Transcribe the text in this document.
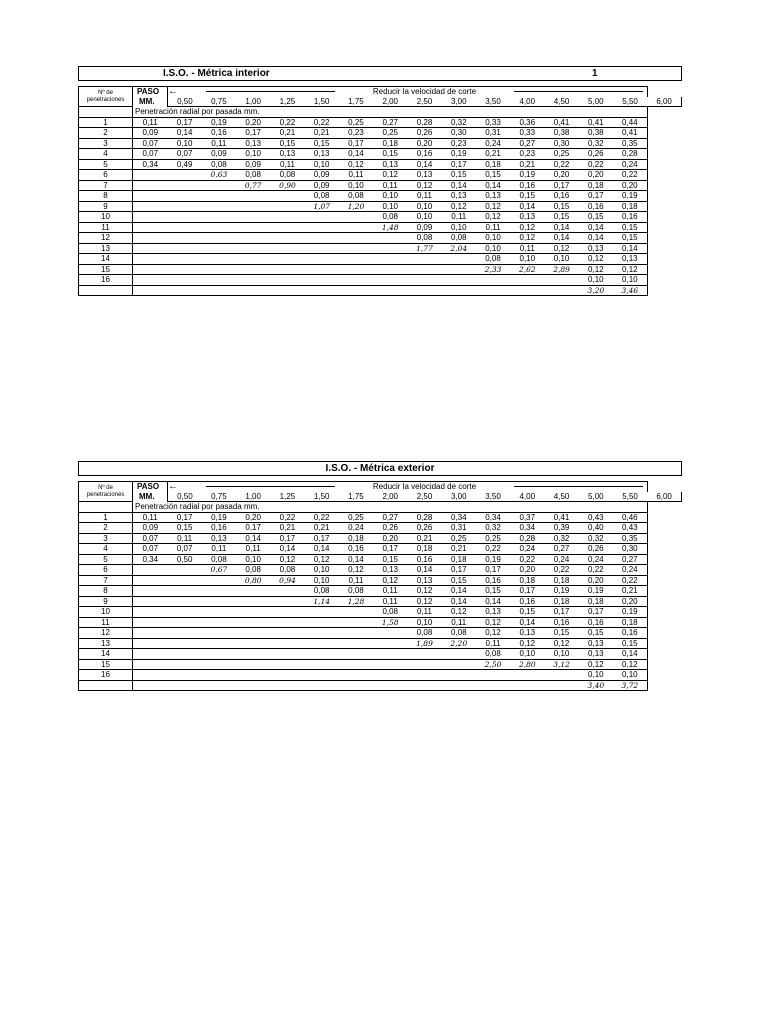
I.S.O. - Métrica interior	1
Nº de
penetraciones	PASO	←					Reducir la velocidad de corte									

	MM.	0,50	0,75	1,00	1,25	1,50	1,75	2,00	2,50	3,00	3,50	4,00	4,50	5,00	5,50	6,00
	Penetración radial por pasada mm.															
1	0,11	0,17	0,19	0,20	0,22	0,22	0,25	0,27	0,28	0,32	0,33	0,36	0,41	0,41	0,44	
2	0,09	0,14	0,16	0,17	0,21	0,21	0,23	0,25	0,26	0,30	0,31	0,33	0,38	0,38	0,41	
3	0,07	0,10	0,11	0,13	0,15	0,15	0,17	0,18	0,20	0,23	0,24	0,27	0,30	0,32	0,35	
4	0,07	0,07	0,09	0,10	0,13	0,13	0,14	0,15	0,16	0,19	0,21	0,23	0,25	0,26	0,28	
5	0,34	0,49	0,08	0,09	0,11	0,10	0,12	0,13	0,14	0,17	0,18	0,21	0,22	0,22	0,24	
6			0,63	0,08	0,08	0,09	0,11	0,12	0,13	0,15	0,15	0,19	0,20	0,20	0,22	
7				0,77	0,90	0,09	0,10	0,11	0,12	0,14	0,14	0,16	0,17	0,18	0,20	
8						0,08	0,08	0,10	0,11	0,13	0,13	0,15	0,16	0,17	0,19	
9						1,07	1,20	0,10	0,10	0,12	0,12	0,14	0,15	0,16	0,18	
10								0,08	0,10	0,11	0,12	0,13	0,15	0,15	0,16	
11								1,48	0,09	0,10	0,11	0,12	0,14	0,14	0,15	
12									0,08	0,08	0,10	0,12	0,14	0,14	0,15	
13									1,77	2,04	0,10	0,11	0,12	0,13	0,14	
14											0,08	0,10	0,10	0,12	0,13	
15											2,33	2,62	2,89	0,12	0,12	
16														0,10	0,10	
														3,20	3,46	
I.S.O. - Métrica exterior
Nº de
penetraciones	PASO	←					Reducir la velocidad de corte									

	MM.	0,50	0,75	1,00	1,25	1,50	1,75	2,00	2,50	3,00	3,50	4,00	4,50	5,00	5,50	6,00
	Penetración radial por pasada mm.															
1	0,11	0,17	0,19	0,20	0,22	0,22	0,25	0,27	0,28	0,34	0,34	0,37	0,41	0,43	0,46	
2	0,09	0,15	0,16	0,17	0,21	0,21	0,24	0,26	0,26	0,31	0,32	0,34	0,39	0,40	0,43	
3	0,07	0,11	0,13	0,14	0,17	0,17	0,18	0,20	0,21	0,25	0,25	0,28	0,32	0,32	0,35	
4	0,07	0,07	0,11	0,11	0,14	0,14	0,16	0,17	0,18	0,21	0,22	0,24	0,27	0,26	0,30	
5	0,34	0,50	0,08	0,10	0,12	0,12	0,14	0,15	0,16	0,18	0,19	0,22	0,24	0,24	0,27	
6			0,67	0,08	0,08	0,10	0,12	0,13	0,14	0,17	0,17	0,20	0,22	0,22	0,24	
7				0,80	0,94	0,10	0,11	0,12	0,13	0,15	0,16	0,18	0,18	0,20	0,22	
8						0,08	0,08	0,11	0,12	0,14	0,15	0,17	0,19	0,19	0,21	
9						1,14	1,28	0,11	0,12	0,14	0,14	0,16	0,18	0,18	0,20	
10								0,08	0,11	0,12	0,13	0,15	0,17	0,17	0,19	
11								1,58	0,10	0,11	0,12	0,14	0,16	0,16	0,18	
12									0,08	0,08	0,12	0,13	0,15	0,15	0,16	
13									1,89	2,20	0,11	0,12	0,12	0,13	0,15	
14											0,08	0,10	0,10	0,13	0,14	
15											2,50	2,80	3,12	0,12	0,12	
16														0,10	0,10	
														3,40	3,72	
